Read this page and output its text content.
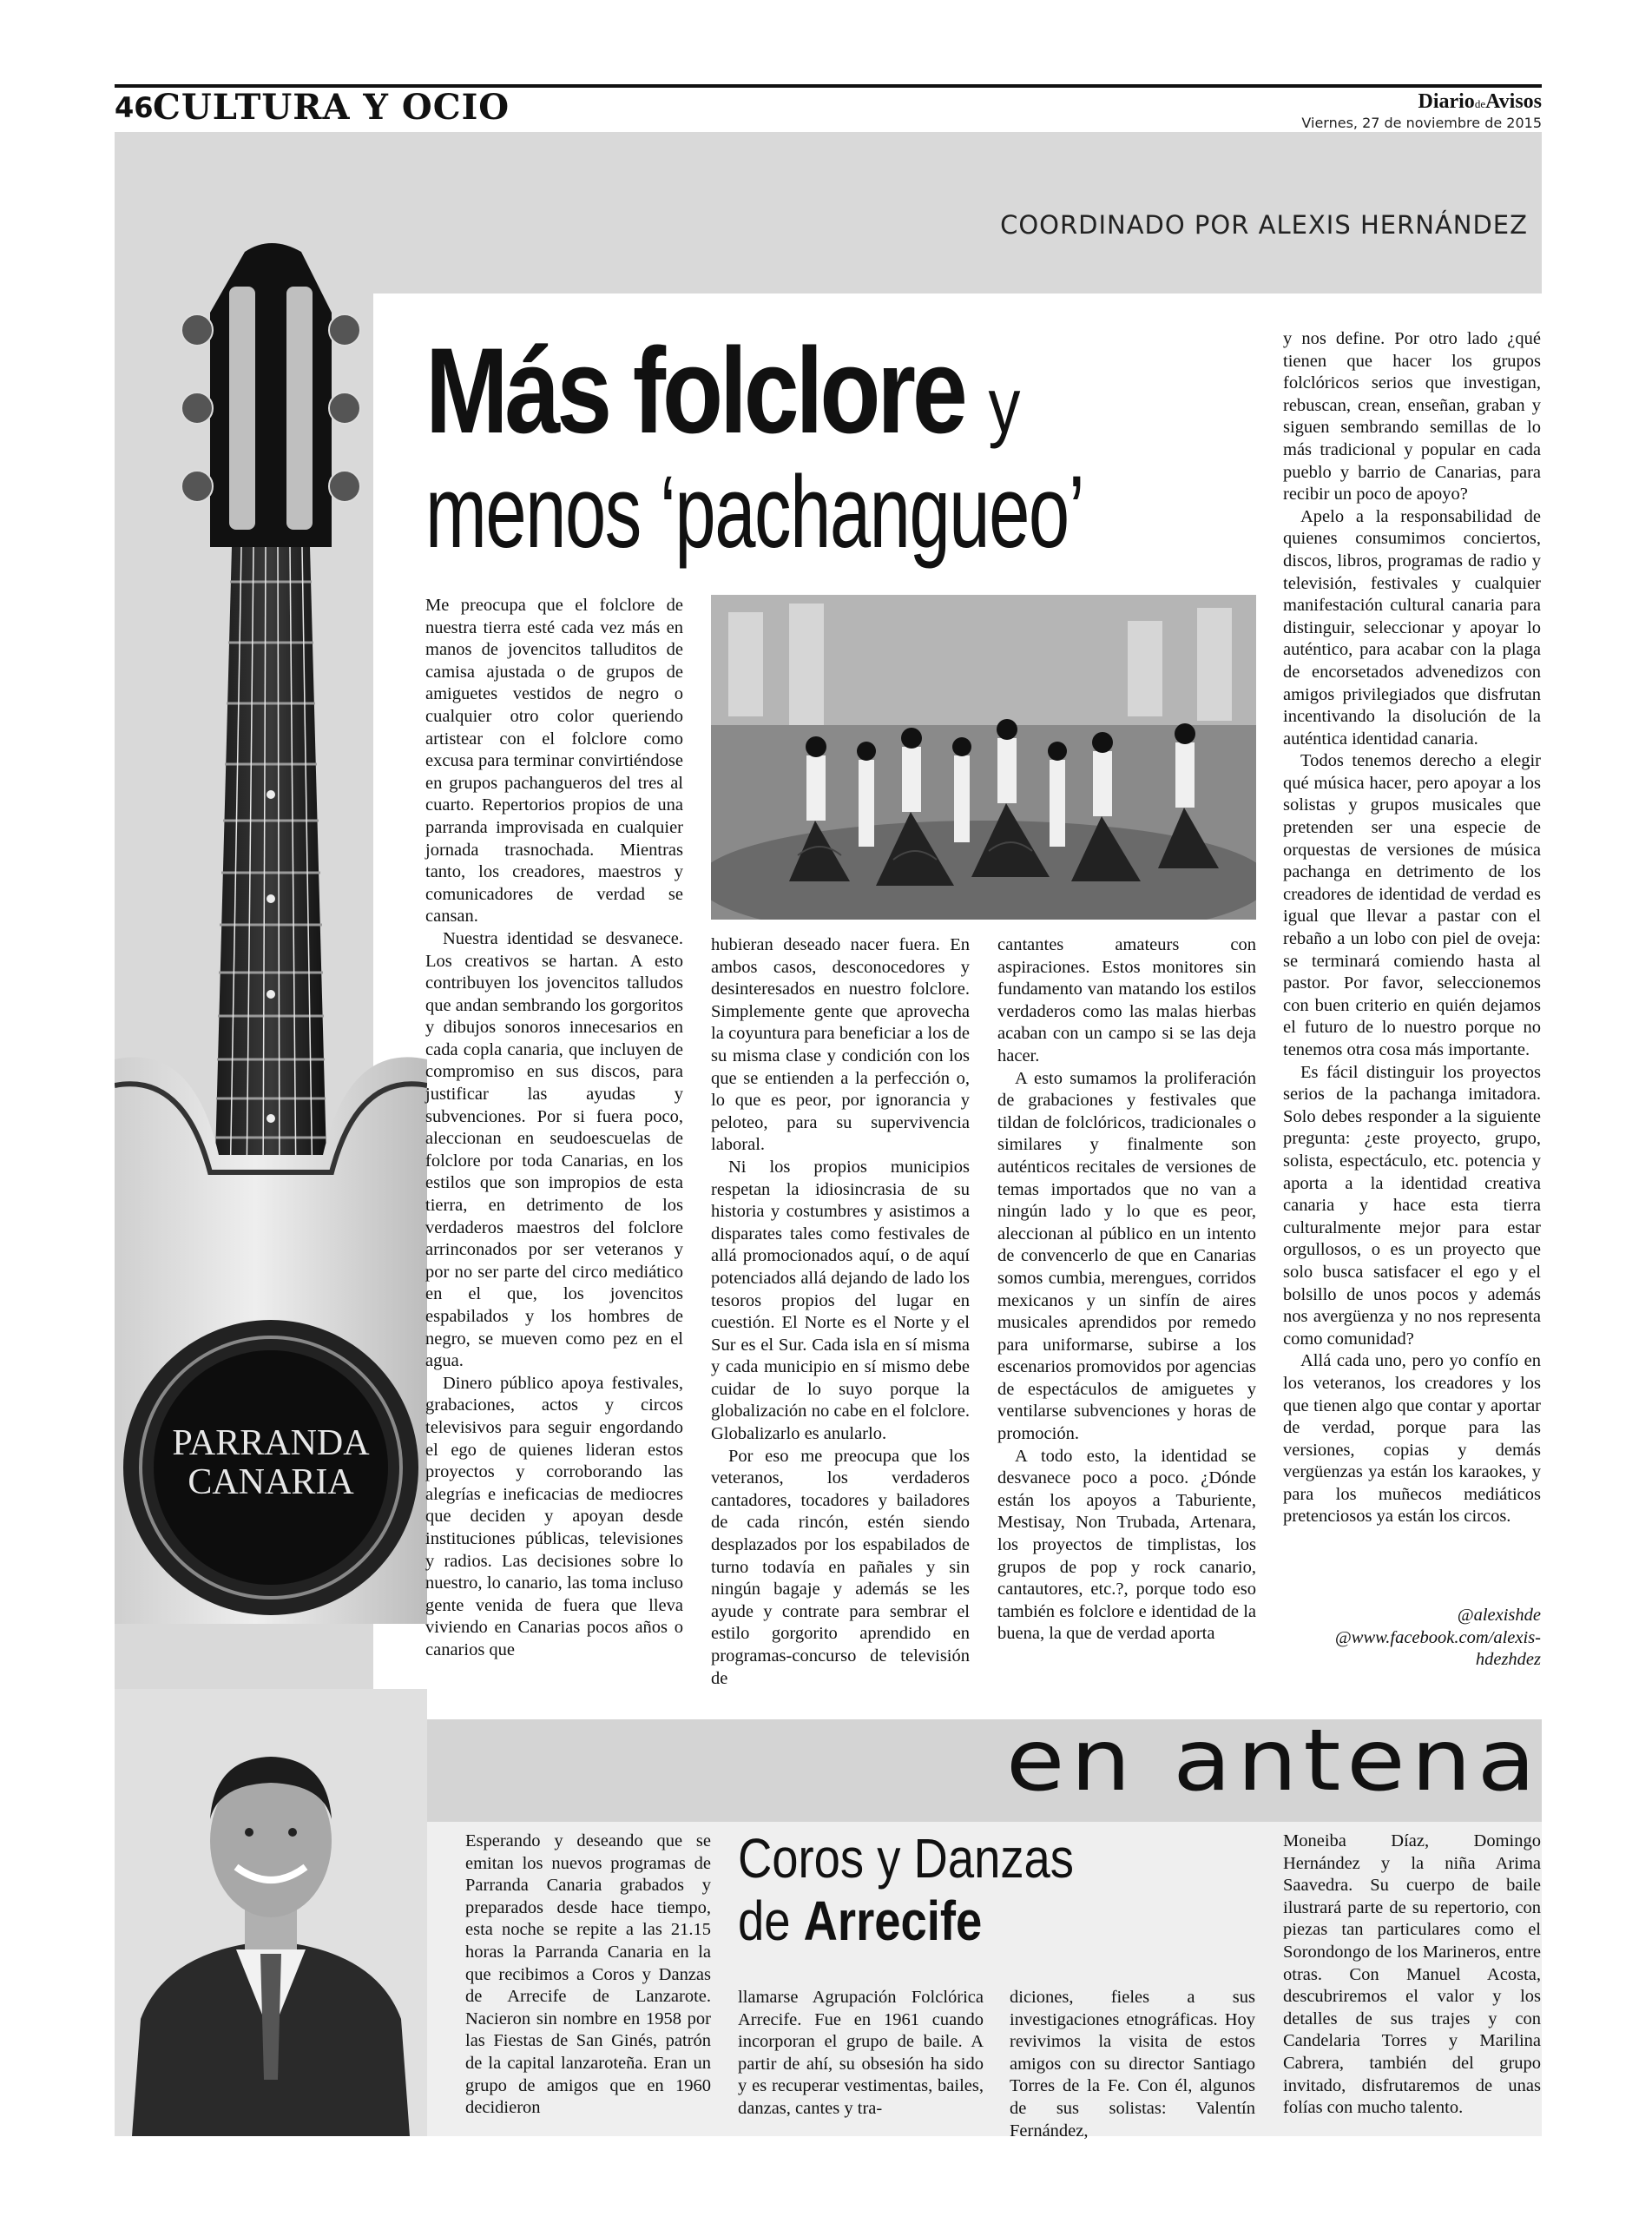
46 CULTURA Y OCIO	DiariodeAvisos
Viernes, 27 de noviembre de 2015
COORDINADO POR ALEXIS HERNÁNDEZ
PARRANDA
CANARIA
Más folclore y
menos ‘pachangueo’

Me preocupa que el folclore de nuestra tierra esté cada vez más en manos de jovencitos talluditos de camisa ajustada o de grupos de amiguetes vestidos de negro o cualquier otro color queriendo artistear con el folclore como excusa para terminar convirtiéndose en grupos pachangueros del tres al cuarto. Repertorios propios de una parranda improvisada en cualquier jornada trasnochada. Mientras tanto, los creadores, maestros y comunicadores de verdad se cansan.

Nuestra identidad se desvanece. Los creativos se hartan. A esto contribuyen los jovencitos talludos que andan sembrando los gorgoritos y dibujos sonoros innecesarios en cada copla canaria, que incluyen de compromiso en sus discos, para justificar las ayudas y subvenciones. Por si fuera poco, aleccionan en seudoescuelas de folclore por toda Canarias, en los estilos que son impropios de esta tierra, en detrimento de los verdaderos maestros del folclore arrinconados por ser veteranos y por no ser parte del circo mediático en el que, los jovencitos espabilados y los hombres de negro, se mueven como pez en el agua.

Dinero público apoya festivales, grabaciones, actos y circos televisivos para seguir engordando el ego de quienes lideran estos proyectos y corroborando las alegrías e ineficacias de mediocres que deciden y apoyan desde instituciones públicas, televisiones y radios. Las decisiones sobre lo nuestro, lo canario, las toma incluso gente venida de fuera que lleva viviendo en Canarias pocos años o canarios que

hubieran deseado nacer fuera. En ambos casos, desconocedores y desinteresados en nuestro folclore. Simplemente gente que aprovecha la coyuntura para beneficiar a los de su misma clase y condición con los que se entienden a la perfección o, lo que es peor, por ignorancia y peloteo, para su supervivencia laboral.

Ni los propios municipios respetan la idiosincrasia de su historia y costumbres y asistimos a disparates tales como festivales de allá promocionados aquí, o de aquí potenciados allá dejando de lado los tesoros propios del lugar en cuestión. El Norte es el Norte y el Sur es el Sur. Cada isla en sí misma y cada municipio en sí mismo debe cuidar de lo suyo porque la globalización no cabe en el folclore. Globalizarlo es anularlo.

Por eso me preocupa que los veteranos, los verdaderos cantadores, tocadores y bailadores de cada rincón, estén siendo desplazados por los espabilados de turno todavía en pañales y sin ningún bagaje y además se les ayude y contrate para sembrar el estilo gorgorito aprendido en programas-concurso de televisión de

cantantes amateurs con aspiraciones. Estos monitores sin fundamento van matando los estilos verdaderos como las malas hierbas acaban con un campo si se las deja hacer.

A esto sumamos la proliferación de grabaciones y festivales que tildan de folclóricos, tradicionales o similares y finalmente son auténticos recitales de versiones de temas importados que no van a ningún lado y lo que es peor, aleccionan al público en un intento de convencerlo de que en Canarias somos cumbia, merengues, corridos mexicanos y un sinfín de aires musicales aprendidos por remedo para uniformarse, subirse a los escenarios promovidos por agencias de espectáculos de amiguetes y ventilarse subvenciones y horas de promoción.

A todo esto, la identidad se desvanece poco a poco. ¿Dónde están los apoyos a Taburiente, Mestisay, Non Trubada, Artenara, los proyectos de timplistas, los grupos de pop y rock canario, cantautores, etc.?, porque todo eso también es folclore e identidad de la buena, la que de verdad aporta

y nos define. Por otro lado ¿qué tienen que hacer los grupos folclóricos serios que investigan, rebuscan, crean, enseñan, graban y siguen sembrando semillas de lo más tradicional y popular en cada pueblo y barrio de Canarias, para recibir un poco de apoyo?

Apelo a la responsabilidad de quienes consumimos conciertos, discos, libros, programas de radio y televisión, festivales y cualquier manifestación cultural canaria para distinguir, seleccionar y apoyar lo auténtico, para acabar con la plaga de encorsetados advenedizos con amigos privilegiados que disfrutan incentivando la disolución de la auténtica identidad canaria.

Todos tenemos derecho a elegir qué música hacer, pero apoyar a los solistas y grupos musicales que pretenden ser una especie de orquestas de versiones de música pachanga en detrimento de los creadores de identidad de verdad es igual que llevar a pastar con el rebaño a un lobo con piel de oveja: se terminará comiendo hasta al pastor. Por favor, seleccionemos con buen criterio en quién dejamos el futuro de lo nuestro porque no tenemos otra cosa más importante.

Es fácil distinguir los proyectos serios de la pachanga imitadora. Solo debes responder a la siguiente pregunta: ¿este proyecto, grupo, solista, espectáculo, etc. potencia y aporta a la identidad creativa canaria y hace esta tierra culturalmente mejor para estar orgullosos, o es un proyecto que solo busca satisfacer el ego y el bolsillo de unos pocos y además nos avergüenza y no nos representa como comunidad?

Allá cada uno, pero yo confío en los veteranos, los creadores y los que tienen algo que contar y aportar de verdad, porque para las versiones, copias y demás vergüenzas ya están los karaokes, y para los muñecos mediáticos pretenciosos ya están los circos.

@alexishde
@www.facebook.com/alexis-
hdezhdez
en antena

Esperando y deseando que se emitan los nuevos programas de Parranda Canaria grabados y preparados desde hace tiempo, esta noche se repite a las 21.15 horas la Parranda Canaria en la que recibimos a Coros y Danzas de Arrecife de Lanzarote. Nacieron sin nombre en 1958 por las Fiestas de San Ginés, patrón de la capital lanzaroteña. Eran un grupo de amigos que en 1960 decidieron

Coros y Danzas
de Arrecife

llamarse Agrupación Folclórica Arrecife. Fue en 1961 cuando incorporan el grupo de baile. A partir de ahí, su obsesión ha sido y es recuperar vestimentas, bailes, danzas, cantes y tra-

diciones, fieles a sus investigaciones etnográficas. Hoy revivimos la visita de estos amigos con su director Santiago Torres de la Fe. Con él, algunos de sus solistas: Valentín Fernández,

Moneiba Díaz, Domingo Hernández y la niña Arima Saavedra. Su cuerpo de baile ilustrará parte de su repertorio, con piezas tan particulares como el Sorondongo de los Marineros, entre otras. Con Manuel Acosta, descubriremos el valor y los detalles de sus trajes y con Candelaria Torres y Marilina Cabrera, también del grupo invitado, disfrutaremos de unas folías con mucho talento.
